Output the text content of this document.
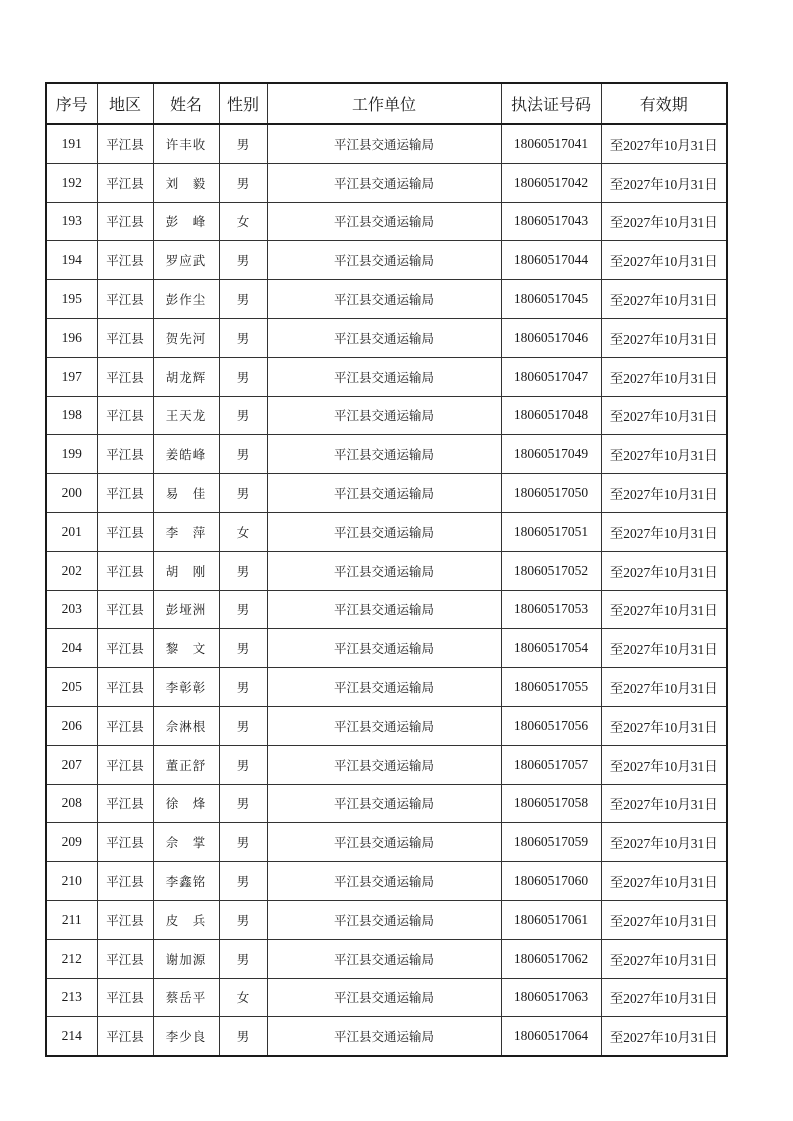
序号	地区	姓名	性别	工作单位	执法证号码	有效期
191	平江县	许丰收	男	平江县交通运输局	18060517041	至2027年10月31日
192	平江县	刘　毅	男	平江县交通运输局	18060517042	至2027年10月31日
193	平江县	彭　峰	女	平江县交通运输局	18060517043	至2027年10月31日
194	平江县	罗应武	男	平江县交通运输局	18060517044	至2027年10月31日
195	平江县	彭作尘	男	平江县交通运输局	18060517045	至2027年10月31日
196	平江县	贺先河	男	平江县交通运输局	18060517046	至2027年10月31日
197	平江县	胡龙辉	男	平江县交通运输局	18060517047	至2027年10月31日
198	平江县	王天龙	男	平江县交通运输局	18060517048	至2027年10月31日
199	平江县	姜皓峰	男	平江县交通运输局	18060517049	至2027年10月31日
200	平江县	易　佳	男	平江县交通运输局	18060517050	至2027年10月31日
201	平江县	李　萍	女	平江县交通运输局	18060517051	至2027年10月31日
202	平江县	胡　刚	男	平江县交通运输局	18060517052	至2027年10月31日
203	平江县	彭垭洲	男	平江县交通运输局	18060517053	至2027年10月31日
204	平江县	黎　文	男	平江县交通运输局	18060517054	至2027年10月31日
205	平江县	李彰彰	男	平江县交通运输局	18060517055	至2027年10月31日
206	平江县	佘淋根	男	平江县交通运输局	18060517056	至2027年10月31日
207	平江县	董正舒	男	平江县交通运输局	18060517057	至2027年10月31日
208	平江县	徐　烽	男	平江县交通运输局	18060517058	至2027年10月31日
209	平江县	佘　掌	男	平江县交通运输局	18060517059	至2027年10月31日
210	平江县	李鑫铭	男	平江县交通运输局	18060517060	至2027年10月31日
211	平江县	皮　兵	男	平江县交通运输局	18060517061	至2027年10月31日
212	平江县	谢加源	男	平江县交通运输局	18060517062	至2027年10月31日
213	平江县	蔡岳平	女	平江县交通运输局	18060517063	至2027年10月31日
214	平江县	李少良	男	平江县交通运输局	18060517064	至2027年10月31日
